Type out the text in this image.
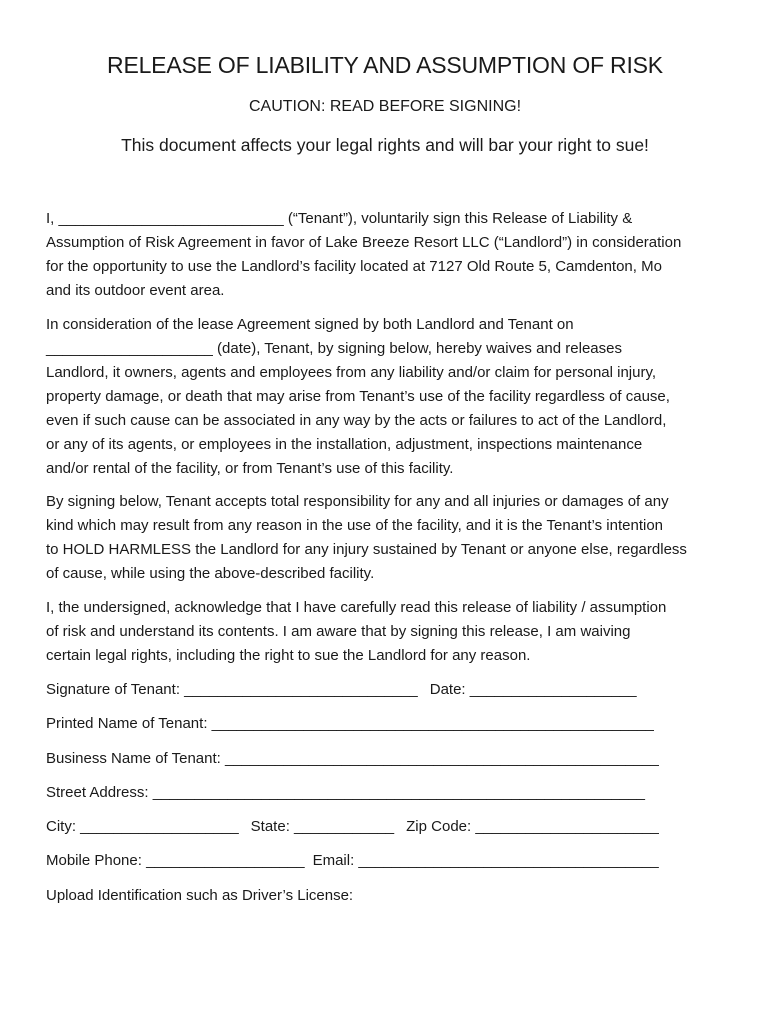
RELEASE OF LIABILITY AND ASSUMPTION OF RISK
CAUTION: READ BEFORE SIGNING!
This document affects your legal rights and will bar your right to sue!
I, ___________________________ (“Tenant”), voluntarily sign this Release of Liability &
Assumption of Risk Agreement in favor of Lake Breeze Resort LLC (“Landlord”) in consideration
for the opportunity to use the Landlord’s facility located at 7127 Old Route 5, Camdenton, Mo
and its outdoor event area.
In consideration of the lease Agreement signed by both Landlord and Tenant on
____________________ (date), Tenant, by signing below, hereby waives and releases
Landlord, it owners, agents and employees from any liability and/or claim for personal injury,
property damage, or death that may arise from Tenant’s use of the facility regardless of cause,
even if such cause can be associated in any way by the acts or failures to act of the Landlord,
or any of its agents, or employees in the installation, adjustment, inspections maintenance
and/or rental of the facility, or from Tenant’s use of this facility.
By signing below, Tenant accepts total responsibility for any and all injuries or damages of any
kind which may result from any reason in the use of the facility, and it is the Tenant’s intention
to HOLD HARMLESS the Landlord for any injury sustained by Tenant or anyone else, regardless
of cause, while using the above-described facility.
I, the undersigned, acknowledge that I have carefully read this release of liability / assumption
of risk and understand its contents. I am aware that by signing this release, I am waiving
certain legal rights, including the right to sue the Landlord for any reason.
Signature of Tenant: ____________________________ Date: ____________________
Printed Name of Tenant: _____________________________________________________
Business Name of Tenant: ____________________________________________________
Street Address: ___________________________________________________________
City: ___________________ State: ____________ Zip Code: ______________________
Mobile Phone: ___________________ Email: ____________________________________
Upload Identification such as Driver’s License:
